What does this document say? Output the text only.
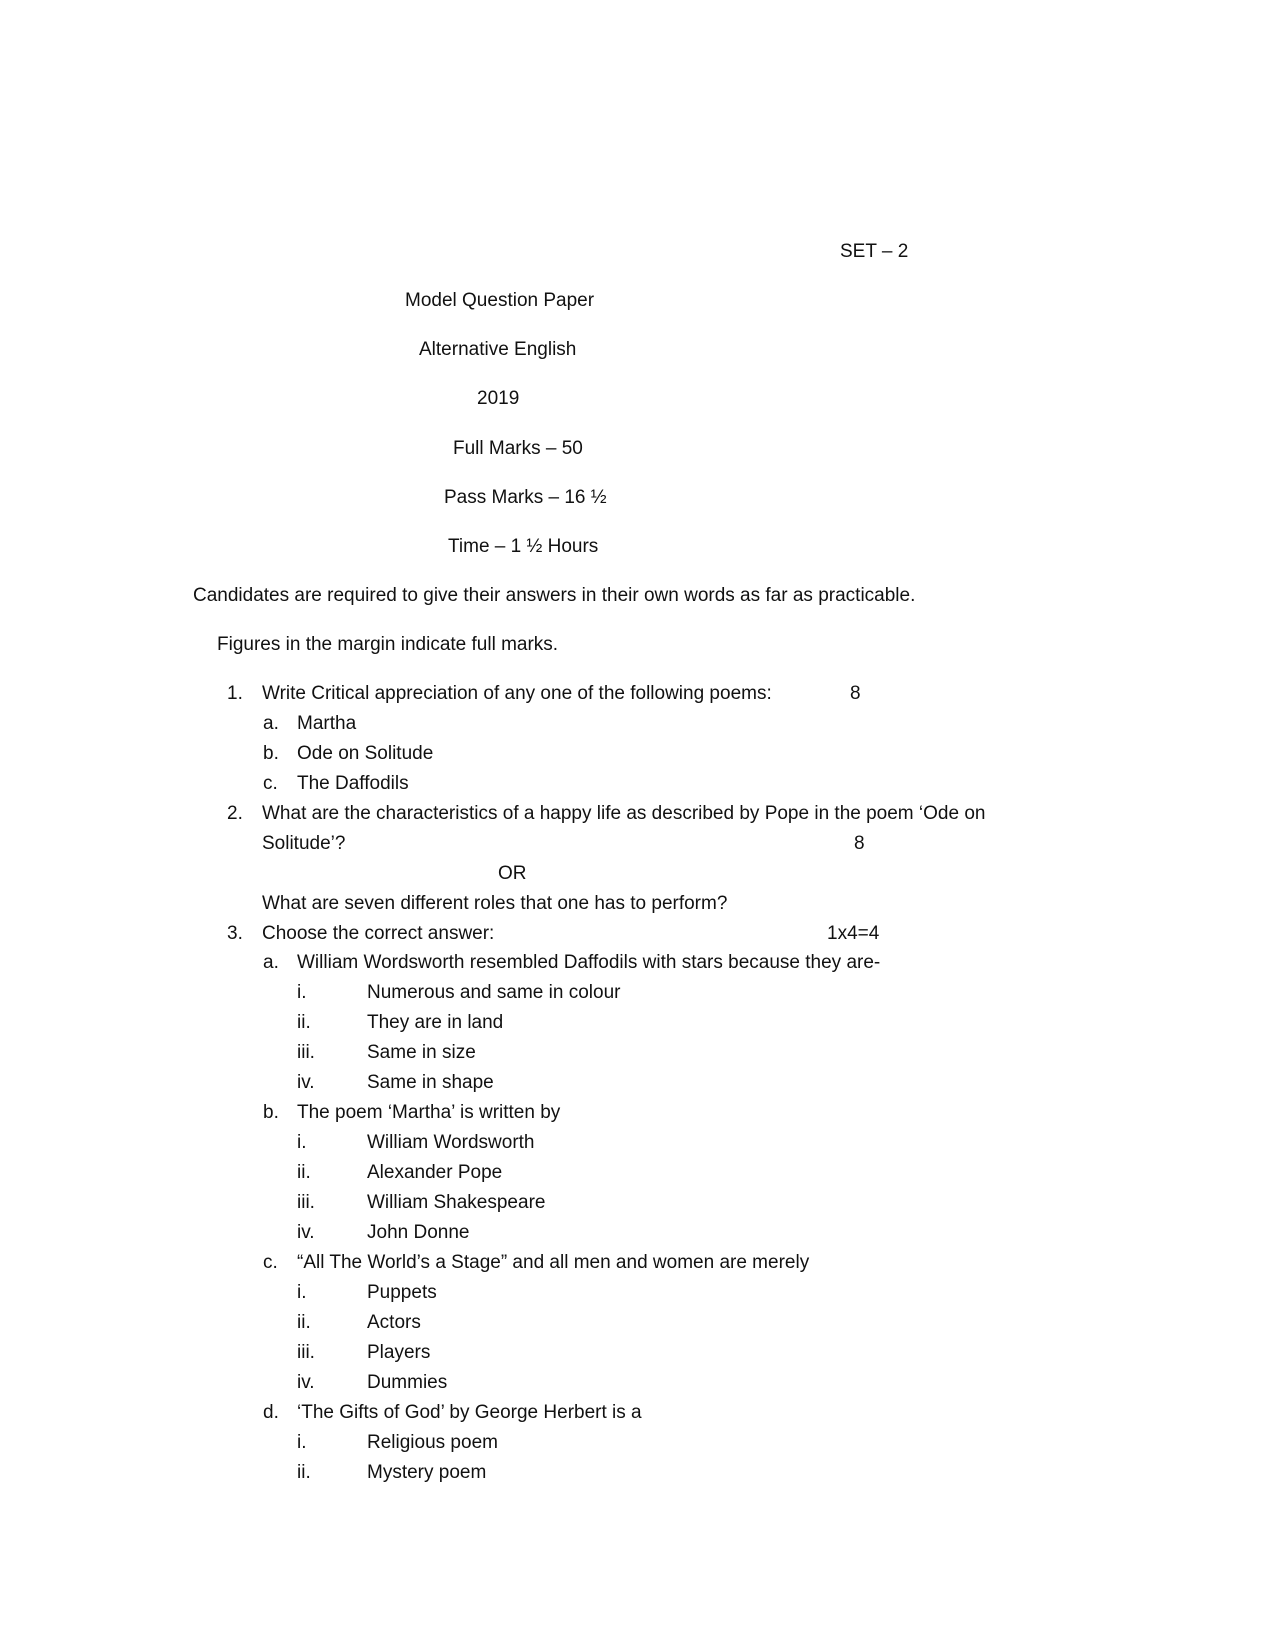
SET – 2
Model Question Paper
Alternative English
2019
Full Marks – 50
Pass Marks – 16 ½
Time – 1 ½ Hours
Candidates are required to give their answers in their own words as far as practicable.
Figures in the margin indicate full marks.
1. Write Critical appreciation of any one of the following poems:	8
a. Martha
b. Ode on Solitude
c. The Daffodils
2. What are the characteristics of a happy life as described by Pope in the poem ‘Ode on
Solitude’?	8
OR
What are seven different roles that one has to perform?
3. Choose the correct answer:	1x4=4
a. William Wordsworth resembled Daffodils with stars because they are-
i.	Numerous and same in colour
ii.	They are in land
iii.	Same in size
iv.	Same in shape
b. The poem ‘Martha’ is written by
i.	William Wordsworth
ii.	Alexander Pope
iii.	William Shakespeare
iv.	John Donne
c. “All The World’s a Stage” and all men and women are merely
i.	Puppets
ii.	Actors
iii.	Players
iv.	Dummies
d. ‘The Gifts of God’ by George Herbert is a
i.	Religious poem
ii.	Mystery poem
